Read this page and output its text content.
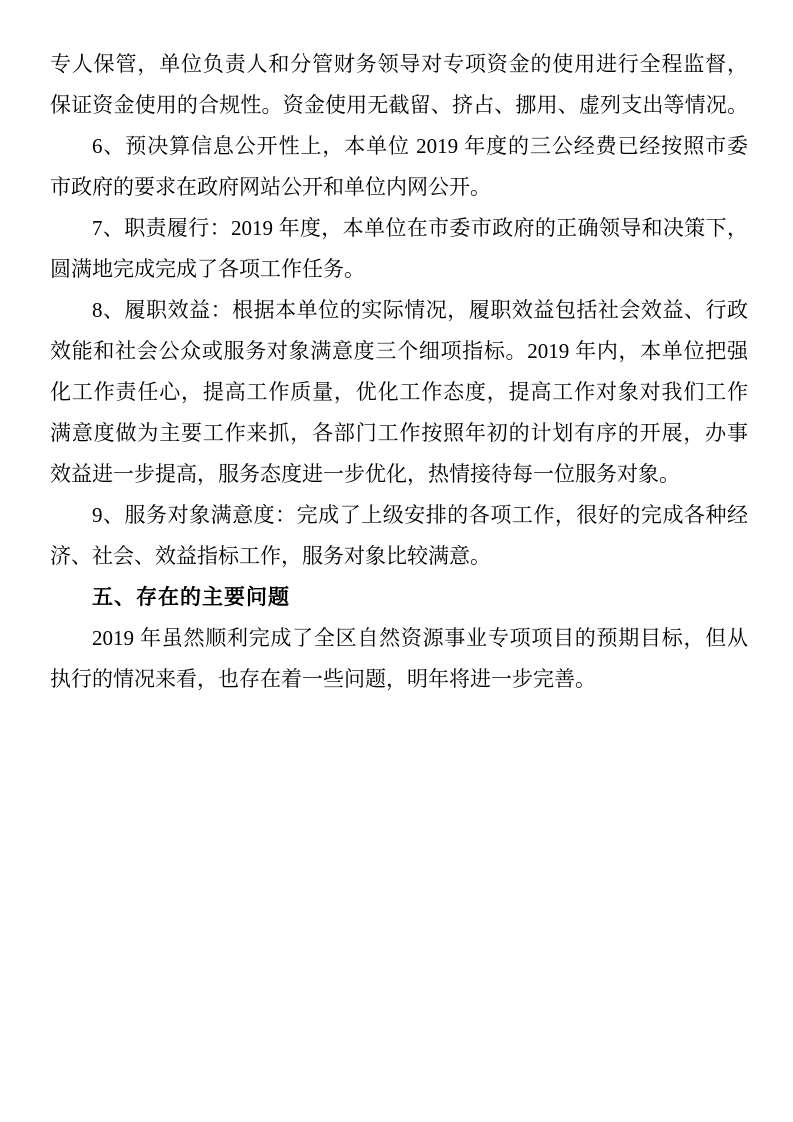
专人保管，单位负责人和分管财务领导对专项资金的使用进行全程监督，
保证资金使用的合规性。资金使用无截留、挤占、挪用、虚列支出等情况。
6、预决算信息公开性上，本单位 2019 年度的三公经费已经按照市委
市政府的要求在政府网站公开和单位内网公开。
7、职责履行：2019 年度，本单位在市委市政府的正确领导和决策下，
圆满地完成完成了各项工作任务。
8、履职效益：根据本单位的实际情况，履职效益包括社会效益、行政
效能和社会公众或服务对象满意度三个细项指标。2019 年内，本单位把强
化工作责任心，提高工作质量，优化工作态度，提高工作对象对我们工作
满意度做为主要工作来抓，各部门工作按照年初的计划有序的开展，办事
效益进一步提高，服务态度进一步优化，热情接待每一位服务对象。
9、服务对象满意度：完成了上级安排的各项工作，很好的完成各种经
济、社会、效益指标工作，服务对象比较满意。
五、存在的主要问题
2019 年虽然顺利完成了全区自然资源事业专项项目的预期目标，但从
执行的情况来看，也存在着一些问题，明年将进一步完善。
